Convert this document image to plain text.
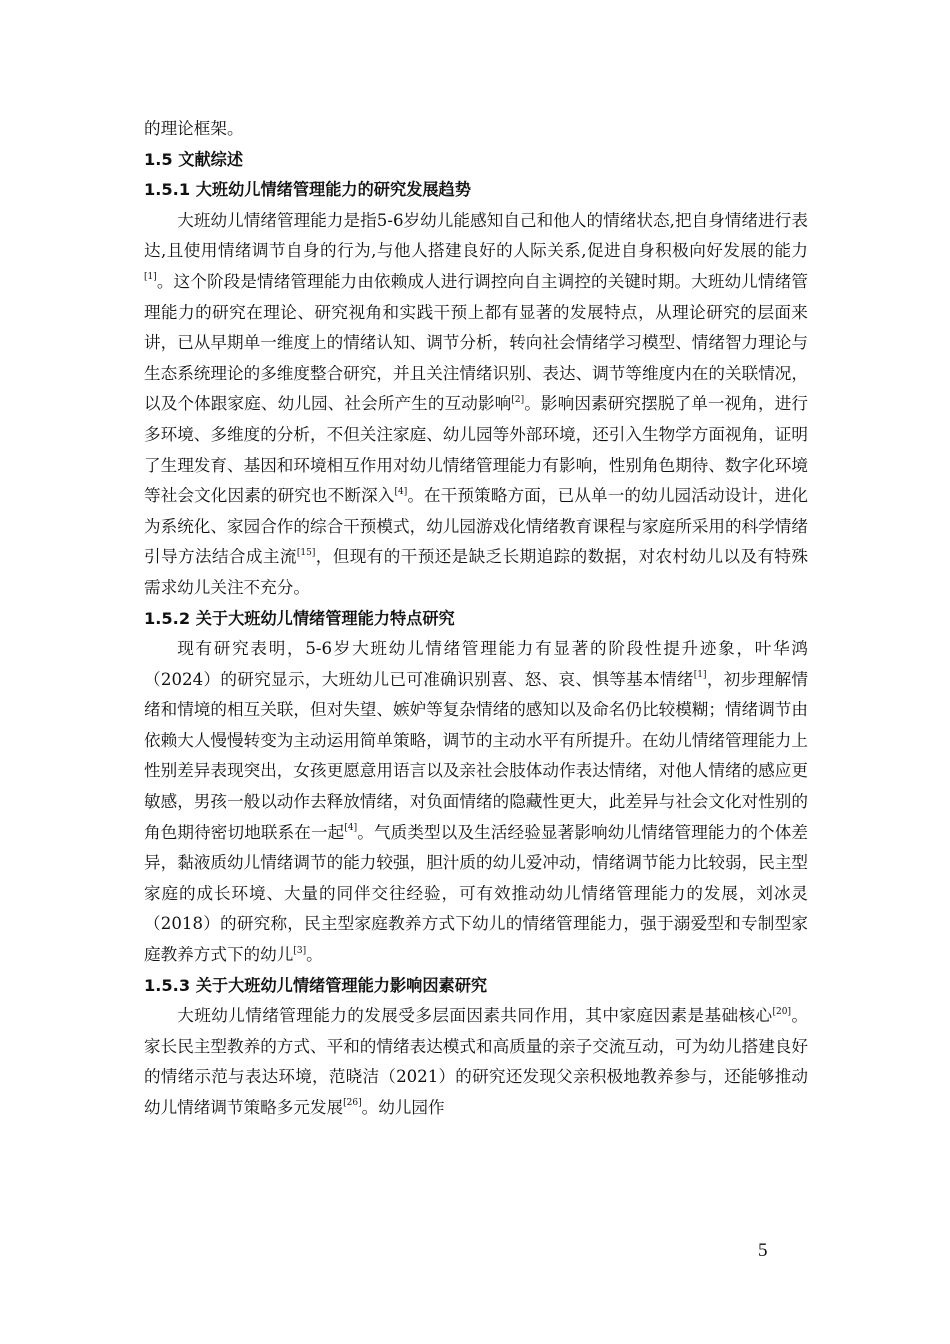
的理论框架。

1.5 文献综述

1.5.1 大班幼儿情绪管理能力的研究发展趋势

大班幼儿情绪管理能力是指5-6岁幼儿能感知自己和他人的情绪状态,把自身情绪进行表达,且使用情绪调节自身的行为,与他人搭建良好的人际关系,促进自身积极向好发展的能力[1]。这个阶段是情绪管理能力由依赖成人进行调控向自主调控的关键时期。大班幼儿情绪管理能力的研究在理论、研究视角和实践干预上都有显著的发展特点，从理论研究的层面来讲，已从早期单一维度上的情绪认知、调节分析，转向社会情绪学习模型、情绪智力理论与生态系统理论的多维度整合研究，并且关注情绪识别、表达、调节等维度内在的关联情况，以及个体跟家庭、幼儿园、社会所产生的互动影响[2]。影响因素研究摆脱了单一视角，进行多环境、多维度的分析，不但关注家庭、幼儿园等外部环境，还引入生物学方面视角，证明了生理发育、基因和环境相互作用对幼儿情绪管理能力有影响，性别角色期待、数字化环境等社会文化因素的研究也不断深入[4]。在干预策略方面，已从单一的幼儿园活动设计，进化为系统化、家园合作的综合干预模式，幼儿园游戏化情绪教育课程与家庭所采用的科学情绪引导方法结合成主流[15]，但现有的干预还是缺乏长期追踪的数据，对农村幼儿以及有特殊需求幼儿关注不充分。

1.5.2 关于大班幼儿情绪管理能力特点研究

现有研究表明，5-6岁大班幼儿情绪管理能力有显著的阶段性提升迹象，叶华鸿（2024）的研究显示，大班幼儿已可准确识别喜、怒、哀、惧等基本情绪[1]，初步理解情绪和情境的相互关联，但对失望、嫉妒等复杂情绪的感知以及命名仍比较模糊；情绪调节由依赖大人慢慢转变为主动运用简单策略，调节的主动水平有所提升。在幼儿情绪管理能力上性别差异表现突出，女孩更愿意用语言以及亲社会肢体动作表达情绪，对他人情绪的感应更敏感，男孩一般以动作去释放情绪，对负面情绪的隐藏性更大，此差异与社会文化对性别的角色期待密切地联系在一起[4]。气质类型以及生活经验显著影响幼儿情绪管理能力的个体差异，黏液质幼儿情绪调节的能力较强，胆汁质的幼儿爱冲动，情绪调节能力比较弱，民主型家庭的成长环境、大量的同伴交往经验，可有效推动幼儿情绪管理能力的发展，刘冰灵（2018）的研究称，民主型家庭教养方式下幼儿的情绪管理能力，强于溺爱型和专制型家庭教养方式下的幼儿[3]。

1.5.3 关于大班幼儿情绪管理能力影响因素研究

大班幼儿情绪管理能力的发展受多层面因素共同作用，其中家庭因素是基础核心[20]。家长民主型教养的方式、平和的情绪表达模式和高质量的亲子交流互动，可为幼儿搭建良好的情绪示范与表达环境，范晓洁（2021）的研究还发现父亲积极地教养参与，还能够推动幼儿情绪调节策略多元发展[26]。幼儿园作

5
